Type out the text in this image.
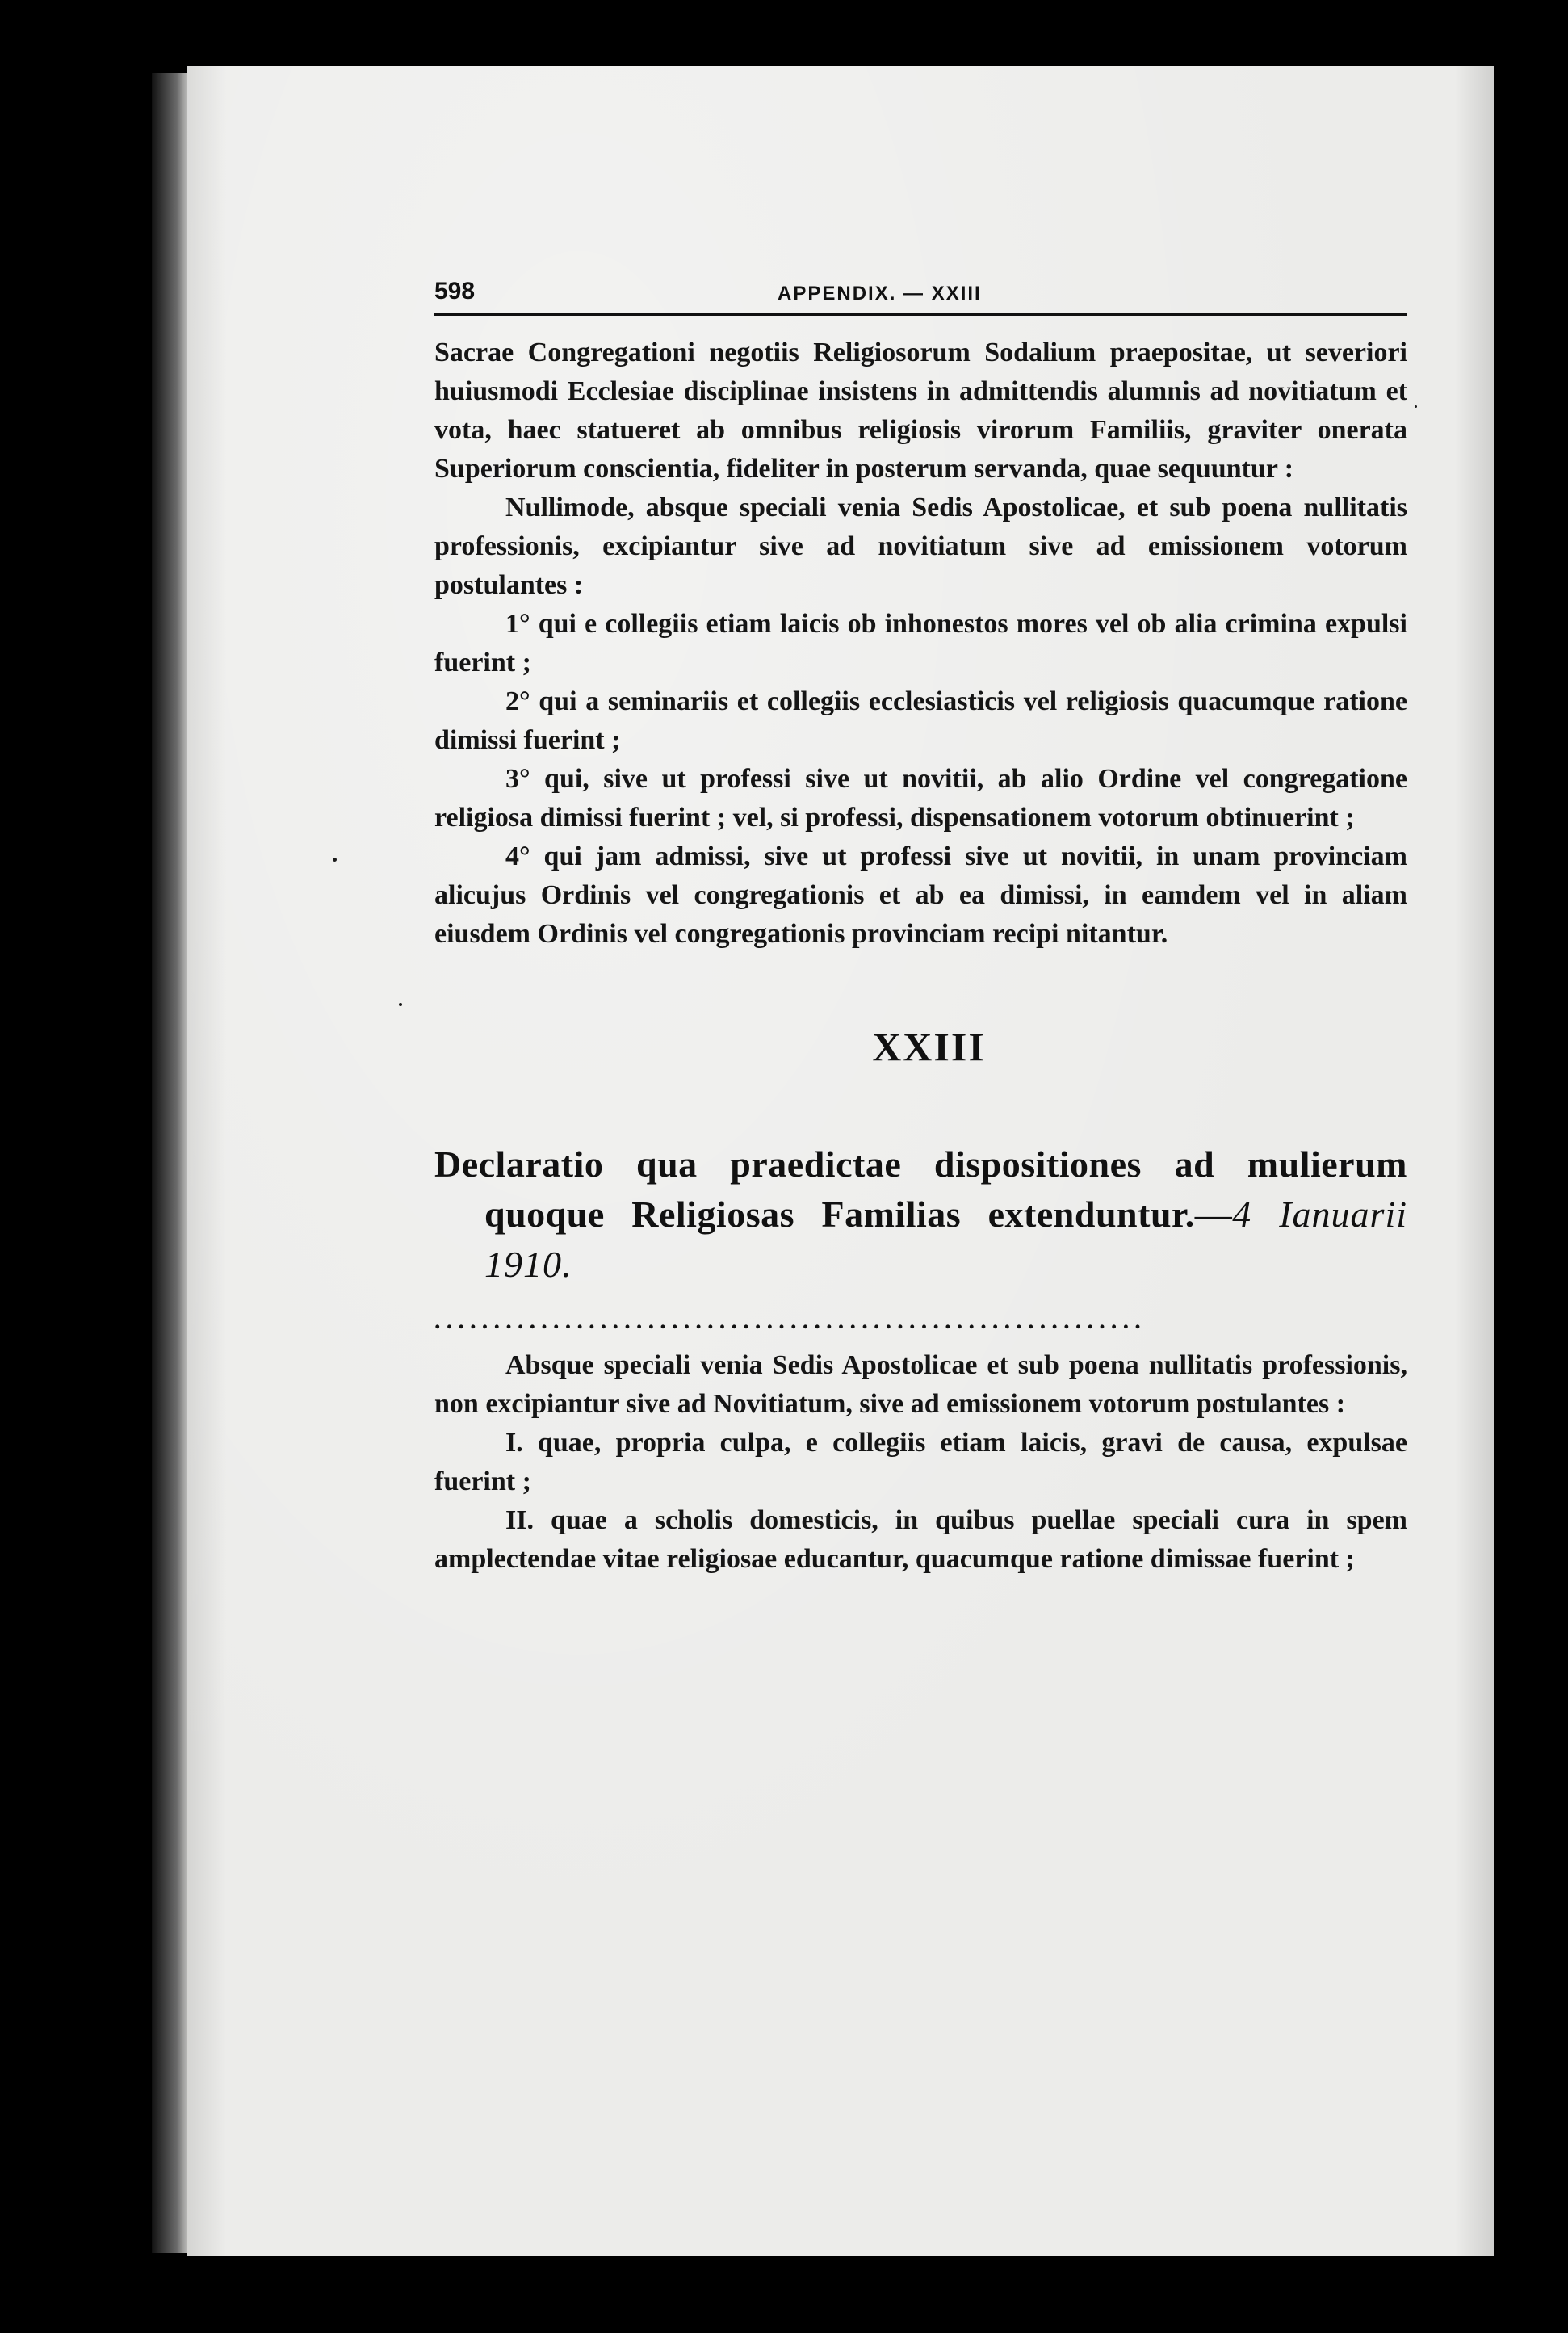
598	APPENDIX. — XXIII

Sacrae Congregationi negotiis Religiosorum Sodalium praepositae, ut severiori huiusmodi Ecclesiae disciplinae insistens in admittendis alumnis ad novitiatum et vota, haec statueret ab omnibus religiosis virorum Familiis, graviter onerata Superiorum conscientia, fideliter in posterum servanda, quae sequuntur :

Nullimode, absque speciali venia Sedis Apostolicae, et sub poena nullitatis professionis, excipiantur sive ad novitiatum sive ad emissionem votorum postulantes :

1° qui e collegiis etiam laicis ob inhonestos mores vel ob alia crimina expulsi fuerint ;

2° qui a seminariis et collegiis ecclesiasticis vel religiosis quacumque ratione dimissi fuerint ;

3° qui, sive ut professi sive ut novitii, ab alio Ordine vel congregatione religiosa dimissi fuerint ; vel, si professi, dispensationem votorum obtinuerint ;

4° qui jam admissi, sive ut professi sive ut novitii, in unam provinciam alicujus Ordinis vel congregationis et ab ea dimissi, in eamdem vel in aliam eiusdem Ordinis vel congregationis provinciam recipi nitantur.

XXIII
Declaratio qua praedictae dispositiones ad mulierum quoque Religiosas Familias extenduntur.—4 Ianuarii 1910.
............................................................

Absque speciali venia Sedis Apostolicae et sub poena nullitatis professionis, non excipiantur sive ad Novitiatum, sive ad emissionem votorum postulantes :

I. quae, propria culpa, e collegiis etiam laicis, gravi de causa, expulsae fuerint ;

II. quae a scholis domesticis, in quibus puellae speciali cura in spem amplectendae vitae religiosae educantur, quacumque ratione dimissae fuerint ;
